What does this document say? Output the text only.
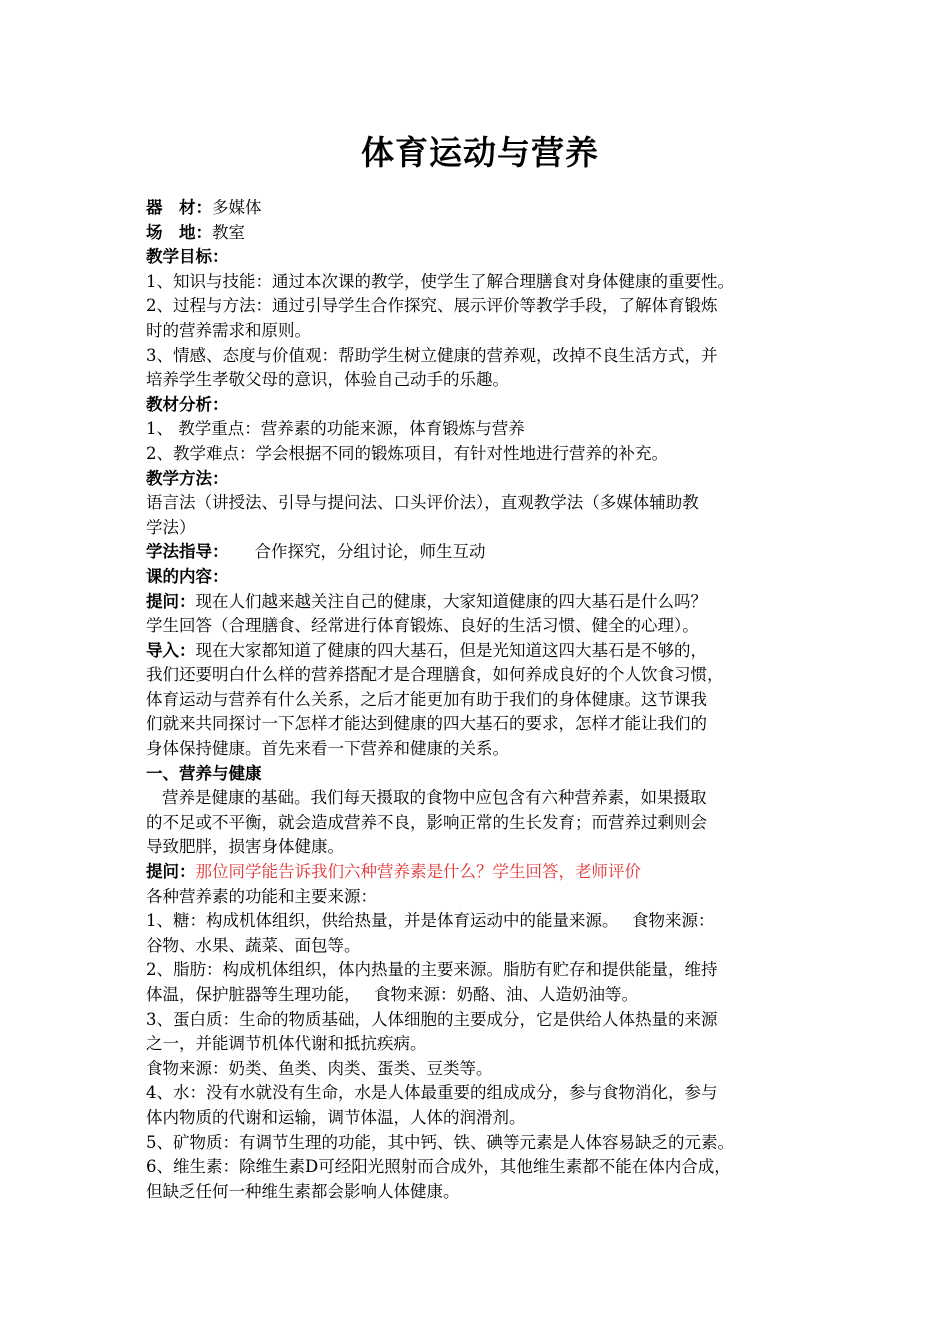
体育运动与营养
器　材：多媒体
场　地：教室
教学目标：
1、知识与技能：通过本次课的教学，使学生了解合理膳食对身体健康的重要性。
2、过程与方法：通过引导学生合作探究、展示评价等教学手段，了解体育锻炼
时的营养需求和原则。
3、情感、态度与价值观：帮助学生树立健康的营养观，改掉不良生活方式，并
培养学生孝敬父母的意识，体验自己动手的乐趣。
教材分析：
1、 教学重点：营养素的功能来源，体育锻炼与营养
2、教学难点：学会根据不同的锻炼项目，有针对性地进行营养的补充。
教学方法：
语言法（讲授法、引导与提问法、口头评价法），直观教学法（多媒体辅助教
学法）
学法指导： 合作探究，分组讨论，师生互动
课的内容：
提问：现在人们越来越关注自己的健康，大家知道健康的四大基石是什么吗？
学生回答（合理膳食、经常进行体育锻炼、良好的生活习惯、健全的心理）。
导入：现在大家都知道了健康的四大基石，但是光知道这四大基石是不够的，
我们还要明白什么样的营养搭配才是合理膳食，如何养成良好的个人饮食习惯，
体育运动与营养有什么关系，之后才能更加有助于我们的身体健康。这节课我
们就来共同探讨一下怎样才能达到健康的四大基石的要求，怎样才能让我们的
身体保持健康。首先来看一下营养和健康的关系。
一、营养与健康
营养是健康的基础。我们每天摄取的食物中应包含有六种营养素，如果摄取
的不足或不平衡，就会造成营养不良，影响正常的生长发育；而营养过剩则会
导致肥胖，损害身体健康。
提问：那位同学能告诉我们六种营养素是什么？学生回答，老师评价
各种营养素的功能和主要来源：
1、糖：构成机体组织，供给热量，并是体育运动中的能量来源。　 食物来源：
谷物、水果、蔬菜、面包等。
2、脂肪：构成机体组织，体内热量的主要来源。脂肪有贮存和提供能量，维持
体温，保护脏器等生理功能，　 食物来源：奶酪、油、人造奶油等。
3、蛋白质：生命的物质基础，人体细胞的主要成分，它是供给人体热量的来源
之一，并能调节机体代谢和抵抗疾病。
食物来源：奶类、鱼类、肉类、蛋类、豆类等。
4、水：没有水就没有生命，水是人体最重要的组成成分，参与食物消化，参与
体内物质的代谢和运输，调节体温，人体的润滑剂。
5、矿物质：有调节生理的功能，其中钙、铁、碘等元素是人体容易缺乏的元素。
6、维生素：除维生素D可经阳光照射而合成外，其他维生素都不能在体内合成，
但缺乏任何一种维生素都会影响人体健康。
